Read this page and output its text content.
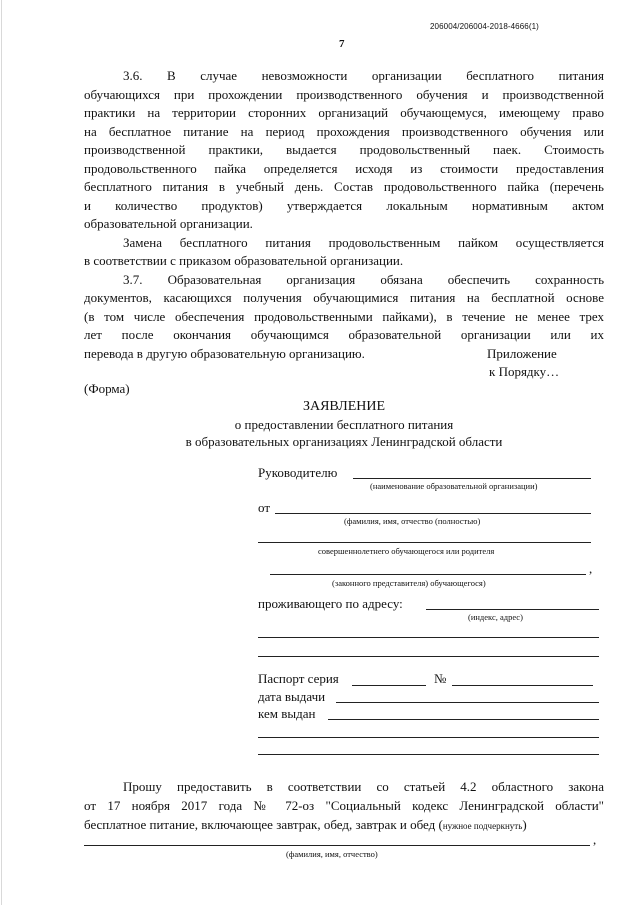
206004/206004-2018-4666(1)
7

3.6. В случае невозможности организации бесплатного питания

обучающихся при прохождении производственного обучения и производственной

практики на территории сторонних организаций обучающемуся, имеющему право

на бесплатное питание на период прохождения производственного обучения или

производственной практики, выдается продовольственный паек. Стоимость

продовольственного пайка определяется исходя из стоимости предоставления

бесплатного питания в учебный день. Состав продовольственного пайка (перечень

и количество продуктов) утверждается локальным нормативным актом

образовательной организации.

Замена бесплатного питания продовольственным пайком осуществляется

в соответствии с приказом образовательной организации.

3.7. Образовательная организация обязана обеспечить сохранность

документов, касающихся получения обучающимися питания на бесплатной основе

(в том числе обеспечения продовольственными пайками), в течение не менее трех

лет после окончания обучающимся образовательной организации или их

перевода в другую образовательную организацию.	Приложение
к Порядку…
(Форма)
ЗАЯВЛЕНИЕ
о предоставлении бесплатного питания
в образовательных организациях Ленинградской области
Руководителю
(наименование образовательной организации)
от
(фамилия, имя, отчество (полностью)
совершеннолетнего обучающегося или родителя
,
(законного представителя) обучающегося)
проживающего по адресу:
(индекс, адрес)
Паспорт серия	№
дата выдачи
кем выдан

Прошу предоставить в соответствии со статьей 4.2 областного закона

от 17 ноября 2017 года № 72-оз "Социальный кодекс Ленинградской области"

бесплатное питание, включающее завтрак, обед, завтрак и обед (нужное подчеркнуть)

,
(фамилия, имя, отчество)
